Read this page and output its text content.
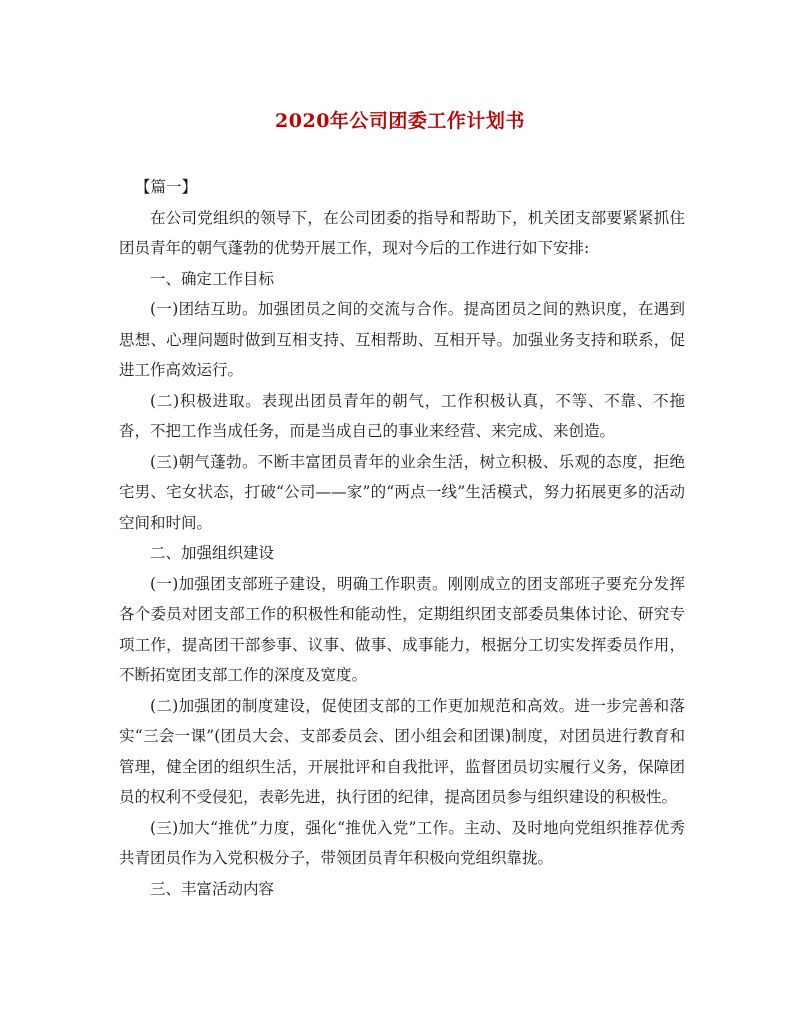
2020年公司团委工作计划书

【篇一】

在公司党组织的领导下，在公司团委的指导和帮助下，机关团支部要紧紧抓住团员青年的朝气蓬勃的优势开展工作，现对今后的工作进行如下安排:

一、确定工作目标

(一)团结互助。加强团员之间的交流与合作。提高团员之间的熟识度，在遇到思想、心理问题时做到互相支持、互相帮助、互相开导。加强业务支持和联系，促进工作高效运行。

(二)积极进取。表现出团员青年的朝气，工作积极认真，不等、不靠、不拖沓，不把工作当成任务，而是当成自己的事业来经营、来完成、来创造。

(三)朝气蓬勃。不断丰富团员青年的业余生活，树立积极、乐观的态度，拒绝宅男、宅女状态，打破“公司——家”的“两点一线”生活模式，努力拓展更多的活动空间和时间。

二、加强组织建设

(一)加强团支部班子建设，明确工作职责。刚刚成立的团支部班子要充分发挥各个委员对团支部工作的积极性和能动性，定期组织团支部委员集体讨论、研究专项工作，提高团干部参事、议事、做事、成事能力，根据分工切实发挥委员作用，不断拓宽团支部工作的深度及宽度。

(二)加强团的制度建设，促使团支部的工作更加规范和高效。进一步完善和落实“三会一课”(团员大会、支部委员会、团小组会和团课)制度，对团员进行教育和管理，健全团的组织生活，开展批评和自我批评，监督团员切实履行义务，保障团员的权利不受侵犯，表彰先进，执行团的纪律，提高团员参与组织建设的积极性。

(三)加大“推优”力度，强化“推优入党”工作。主动、及时地向党组织推荐优秀共青团员作为入党积极分子，带领团员青年积极向党组织靠拢。

三、丰富活动内容
